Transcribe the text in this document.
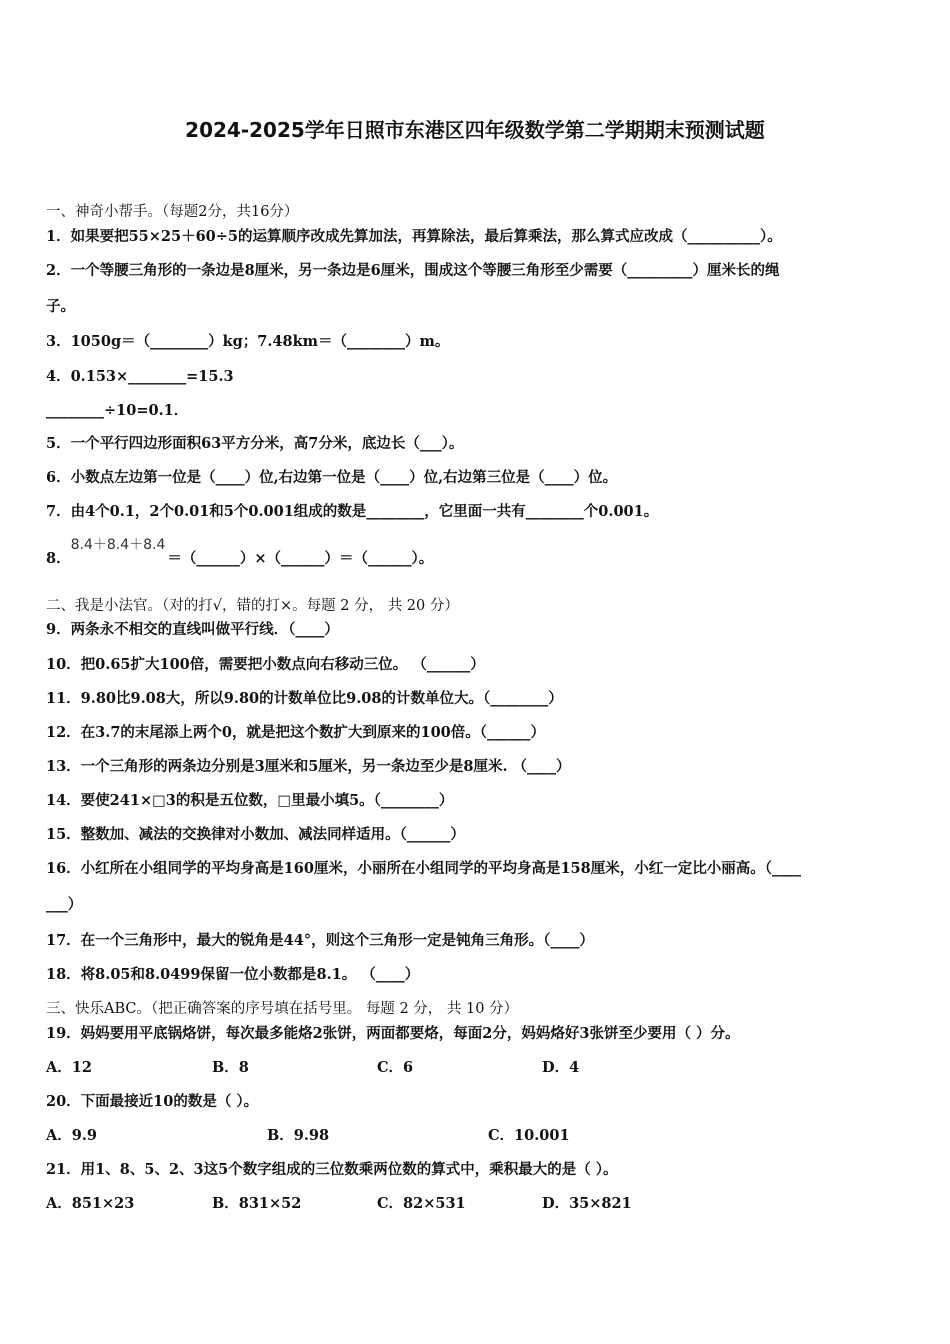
2024-2025学年日照市东港区四年级数学第二学期期末预测试题
一、神奇小帮手。（每题2分，共16分）
1．如果要把55×25＋60÷5的运算顺序改成先算加法，再算除法，最后算乘法，那么算式应改成（__________）。
2．一个等腰三角形的一条边是8厘米，另一条边是6厘米，围成这个等腰三角形至少需要（_________）厘米长的绳
子。
3．1050g＝（________）kg；7.48km＝（________）m。
4．0.153×________=15.3
________÷10=0.1．
5．一个平行四边形面积63平方分米，高7分米，底边长（___）。
6．小数点左边第一位是（____）位,右边第一位是（____）位,右边第三位是（____）位。
7．由4个0.1，2个0.01和5个0.001组成的数是________，它里面一共有________个0.001。
8．8.4＋8.4＋8.4＝（______）×（______）＝（______）。
二、我是小法官。（对的打√，错的打×。每题 2 分， 共 20 分）
9．两条永不相交的直线叫做平行线．（____）
10．把0.65扩大100倍，需要把小数点向右移动三位。 （______）
11．9.80比9.08大，所以9.80的计数单位比9.08的计数单位大。（________）
12．在3.7的末尾添上两个0，就是把这个数扩大到原来的100倍。（______）
13．一个三角形的两条边分别是3厘米和5厘米，另一条边至少是8厘米. （____）
14．要使241×□3的积是五位数，□里最小填5。（________）
15．整数加、减法的交换律对小数加、减法同样适用。（______）
16．小红所在小组同学的平均身高是160厘米，小丽所在小组同学的平均身高是158厘米，小红一定比小丽高。（____
___）
17．在一个三角形中，最大的锐角是44°，则这个三角形一定是钝角三角形。（____）
18．将8.05和8.0499保留一位小数都是8.1。 （____）
三、快乐ABC。（把正确答案的序号填在括号里。 每题 2 分， 共 10 分）
19．妈妈要用平底锅烙饼，每次最多能烙2张饼，两面都要烙，每面2分，妈妈烙好3张饼至少要用（ ）分。
A．12	B．8	C．6	D．4
20．下面最接近10的数是（ ）。
A．9.9	B．9.98	C．10.001
21．用1、8、5、2、3这5个数字组成的三位数乘两位数的算式中，乘积最大的是（ ）。
A．851×23	B．831×52	C．82×531	D．35×821
